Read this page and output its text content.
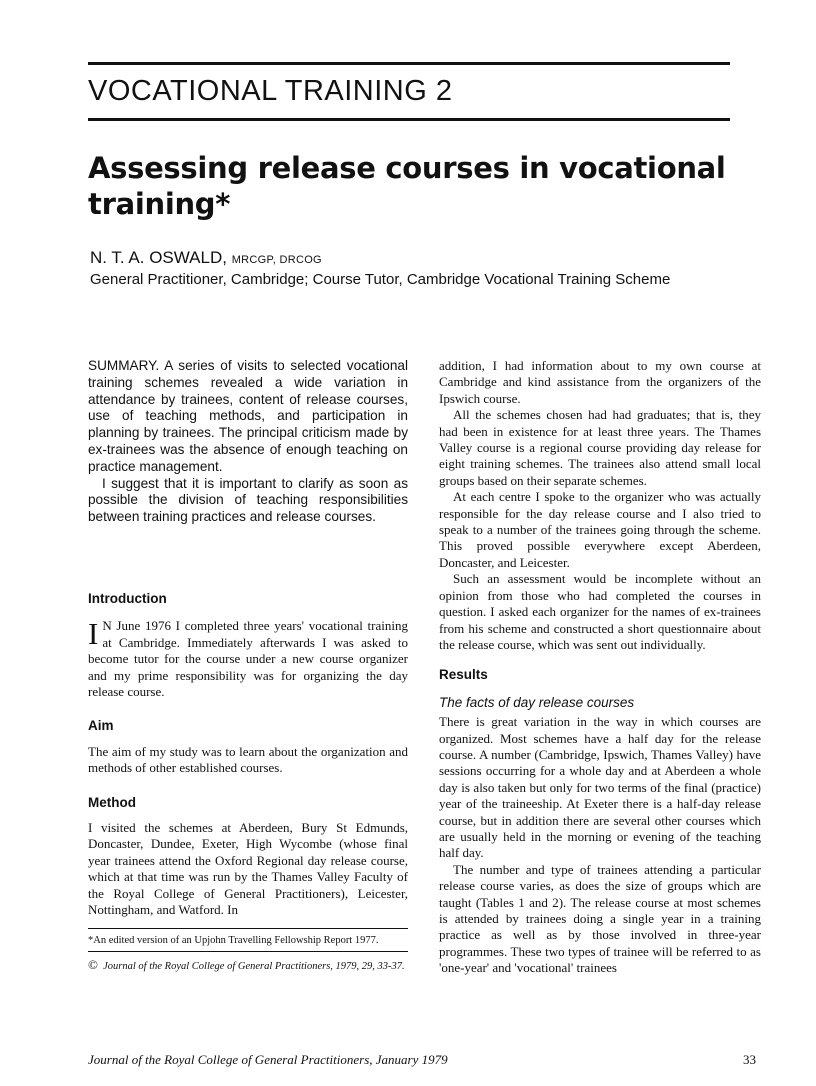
VOCATIONAL TRAINING 2
Assessing release courses in vocational training*
N. T. A. OSWALD, MRCGP, DRCOG
General Practitioner, Cambridge; Course Tutor, Cambridge Vocational Training Scheme

SUMMARY. A series of visits to selected vocational training schemes revealed a wide variation in attendance by trainees, content of release courses, use of teaching methods, and participation in planning by trainees. The principal criticism made by ex-trainees was the absence of enough teaching on practice management.

I suggest that it is important to clarify as soon as possible the division of teaching responsibilities between training practices and release courses.

Introduction

I N June 1976 I completed three years' vocational training at Cambridge. Immediately afterwards I was asked to become tutor for the course under a new course organizer and my prime responsibility was for organizing the day release course.

Aim

The aim of my study was to learn about the organization and methods of other established courses.

Method

I visited the schemes at Aberdeen, Bury St Edmunds, Doncaster, Dundee, Exeter, High Wycombe (whose final year trainees attend the Oxford Regional day release course, which at that time was run by the Thames Valley Faculty of the Royal College of General Practitioners), Leicester, Nottingham, and Watford. In

*An edited version of an Upjohn Travelling Fellowship Report 1977.

© Journal of the Royal College of General Practitioners, 1979, 29, 33-37.

addition, I had information about to my own course at Cambridge and kind assistance from the organizers of the Ipswich course.

All the schemes chosen had had graduates; that is, they had been in existence for at least three years. The Thames Valley course is a regional course providing day release for eight training schemes. The trainees also attend small local groups based on their separate schemes.

At each centre I spoke to the organizer who was actually responsible for the day release course and I also tried to speak to a number of the trainees going through the scheme. This proved possible everywhere except Aberdeen, Doncaster, and Leicester.

Such an assessment would be incomplete without an opinion from those who had completed the courses in question. I asked each organizer for the names of ex-trainees from his scheme and constructed a short questionnaire about the release course, which was sent out individually.

Results
The facts of day release courses

There is great variation in the way in which courses are organized. Most schemes have a half day for the release course. A number (Cambridge, Ipswich, Thames Valley) have sessions occurring for a whole day and at Aberdeen a whole day is also taken but only for two terms of the final (practice) year of the traineeship. At Exeter there is a half-day release course, but in addition there are several other courses which are usually held in the morning or evening of the teaching half day.

The number and type of trainees attending a particular release course varies, as does the size of groups which are taught (Tables 1 and 2). The release course at most schemes is attended by trainees doing a single year in a training practice as well as by those involved in three-year programmes. These two types of trainee will be referred to as 'one-year' and 'vocational' trainees

Journal of the Royal College of General Practitioners, January 1979	33
